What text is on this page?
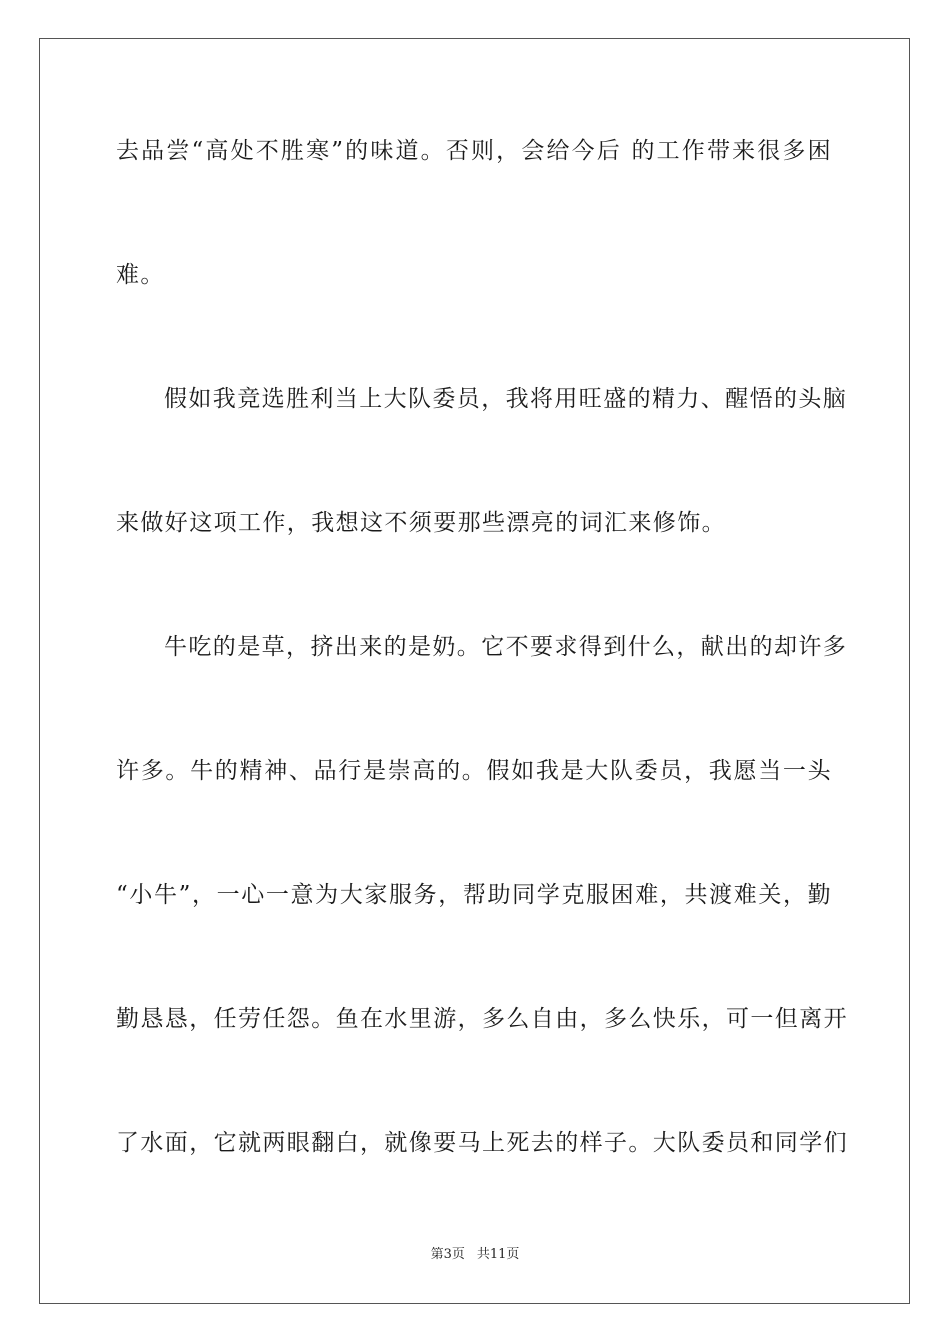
去品尝“高处不胜寒”的味道。否则，会给今后 的工作带来很多困
难。
假如我竞选胜利当上大队委员，我将用旺盛的精力、醒悟的头脑
来做好这项工作，我想这不须要那些漂亮的词汇来修饰。
牛吃的是草，挤出来的是奶。它不要求得到什么，献出的却许多
许多。牛的精神、品行是崇高的。假如我是大队委员，我愿当一头
“小牛”，一心一意为大家服务，帮助同学克服困难，共渡难关，勤
勤恳恳，任劳任怨。鱼在水里游，多么自由，多么快乐，可一但离开
了水面，它就两眼翻白，就像要马上死去的样子。大队委员和同学们
第3页 共11页
